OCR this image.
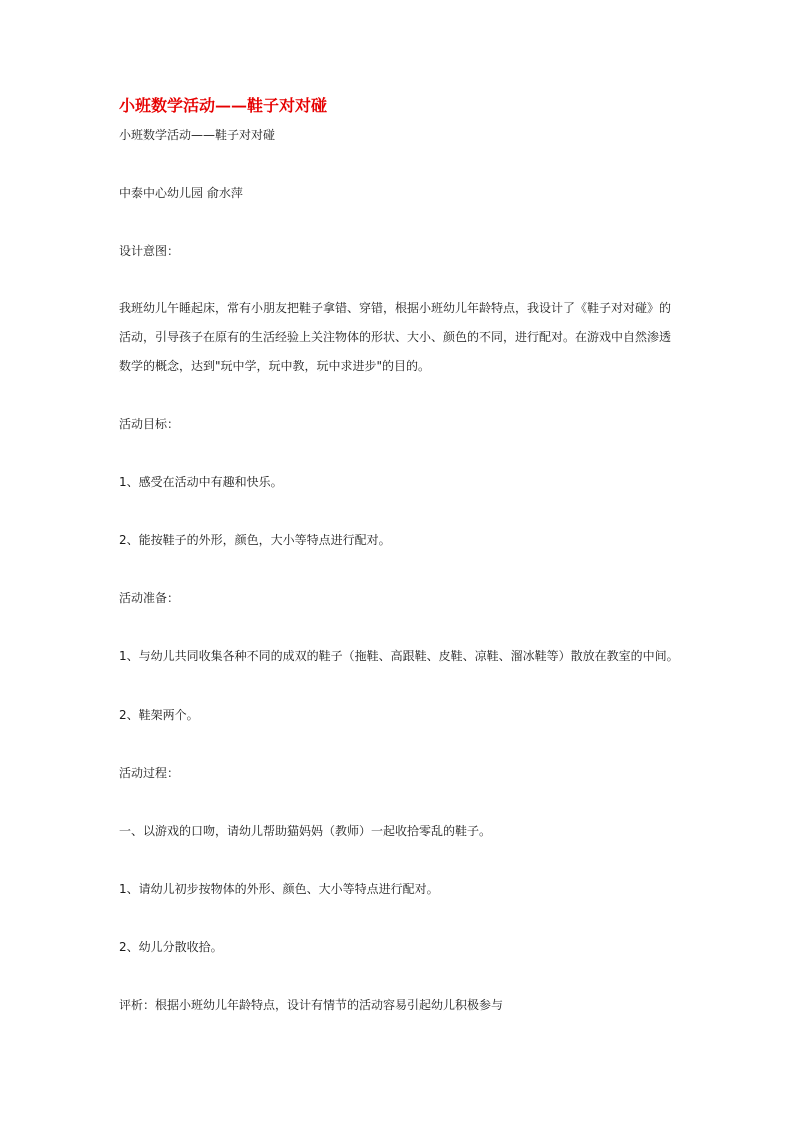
小班数学活动——鞋子对对碰

小班数学活动——鞋子对对碰

中泰中心幼儿园 俞水萍

设计意图：

我班幼儿午睡起床，常有小朋友把鞋子拿错、穿错，根据小班幼儿年龄特点，我设计了《鞋子对对碰》的

活动，引导孩子在原有的生活经验上关注物体的形状、大小、颜色的不同，进行配对。在游戏中自然渗透

数学的概念，达到"玩中学，玩中教，玩中求进步"的目的。

活动目标：

1、感受在活动中有趣和快乐。

2、能按鞋子的外形，颜色，大小等特点进行配对。

活动准备：

1、与幼儿共同收集各种不同的成双的鞋子（拖鞋、高跟鞋、皮鞋、凉鞋、溜冰鞋等）散放在教室的中间。

2、鞋架两个。

活动过程：

一、以游戏的口吻，请幼儿帮助猫妈妈（教师）一起收拾零乱的鞋子。

1、请幼儿初步按物体的外形、颜色、大小等特点进行配对。

2、幼儿分散收拾。

评析：根据小班幼儿年龄特点，设计有情节的活动容易引起幼儿积极参与
